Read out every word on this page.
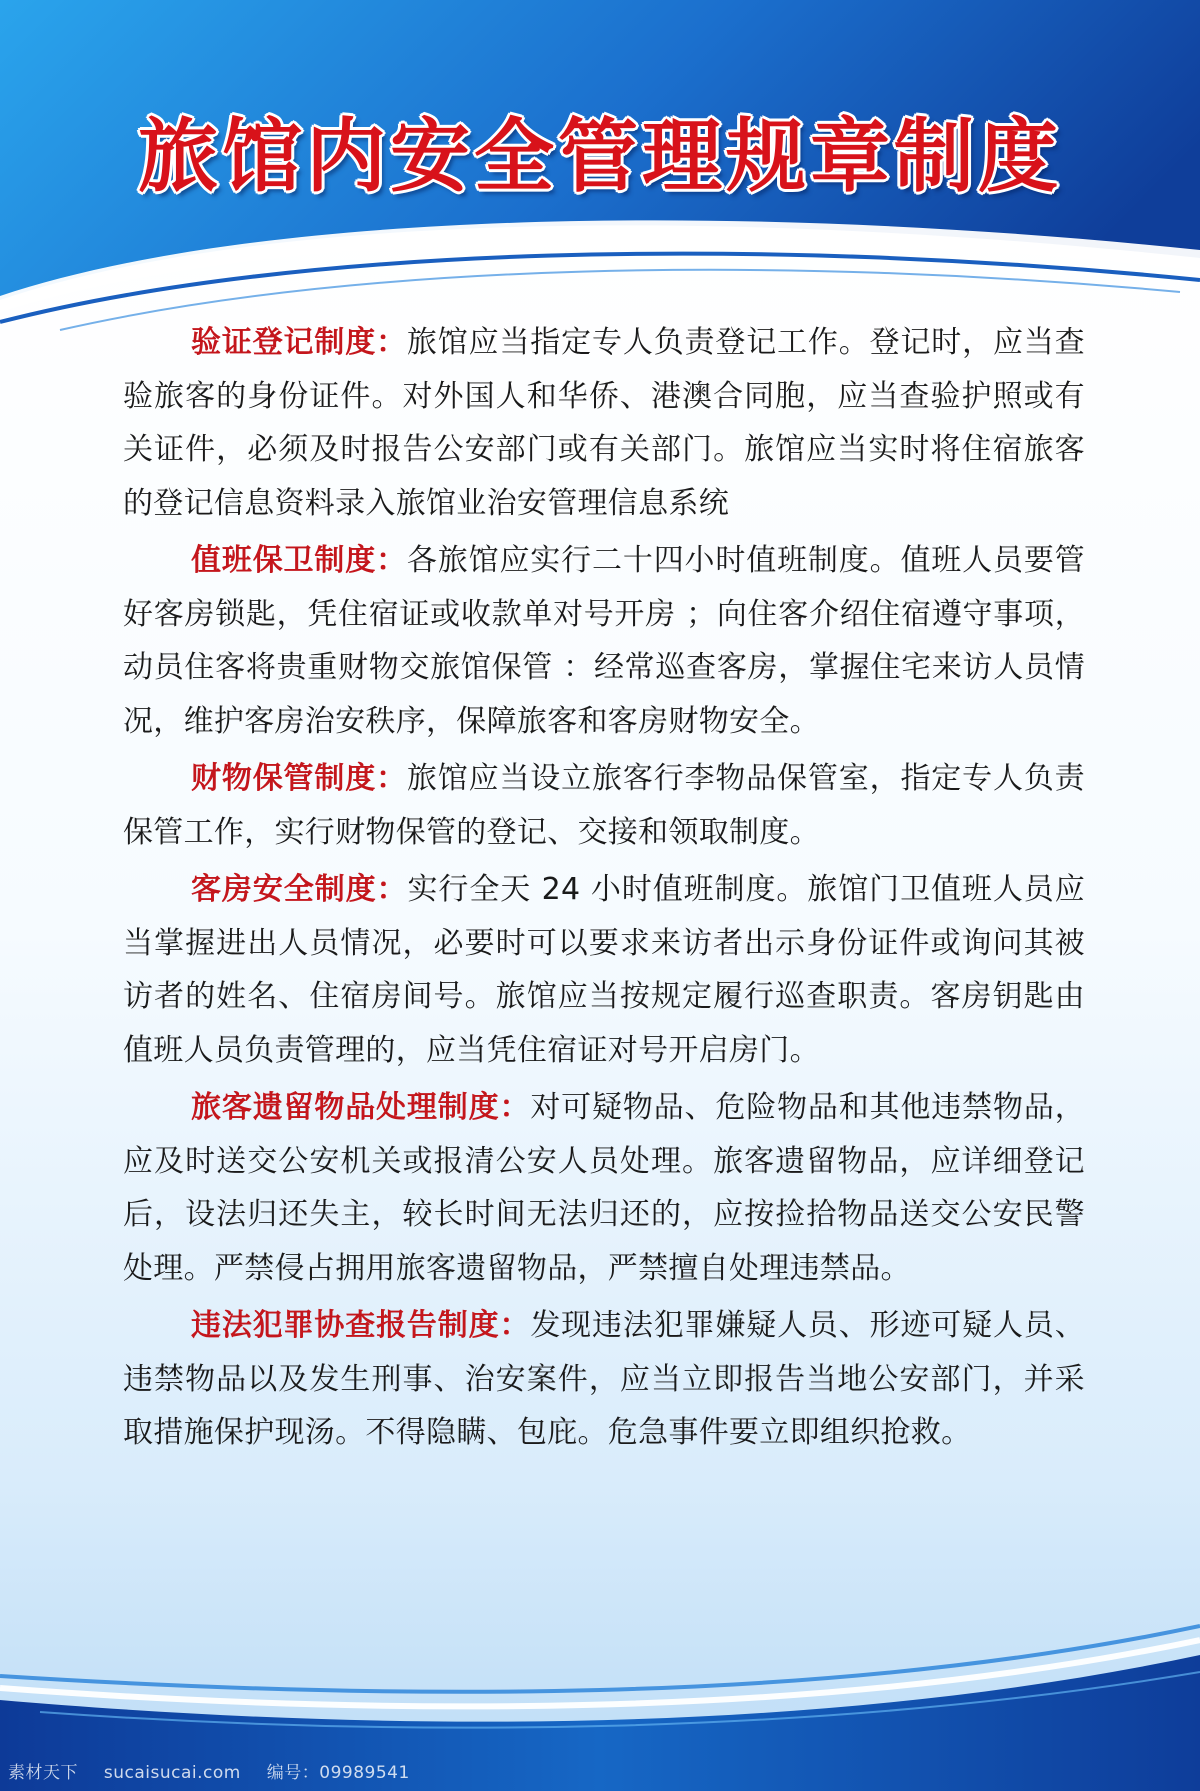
旅馆内安全管理规章制度

验证登记制度：旅馆应当指定专人负责登记工作。登记时，应当查验旅客的身份证件。对外国人和华侨、港澳合同胞，应当查验护照或有关证件，必须及时报告公安部门或有关部门。旅馆应当实时将住宿旅客的登记信息资料录入旅馆业治安管理信息系统

值班保卫制度：各旅馆应实行二十四小时值班制度。值班人员要管好客房锁匙，凭住宿证或收款单对号开房 ；向住客介绍住宿遵守事项，动员住客将贵重财物交旅馆保管 ：经常巡查客房，掌握住宅来访人员情况，维护客房治安秩序，保障旅客和客房财物安全。

财物保管制度：旅馆应当设立旅客行李物品保管室，指定专人负责保管工作，实行财物保管的登记、交接和领取制度。

客房安全制度：实行全天 24 小时值班制度。旅馆门卫值班人员应当掌握进出人员情况，必要时可以要求来访者出示身份证件或询问其被访者的姓名、住宿房间号。旅馆应当按规定履行巡查职责。客房钥匙由值班人员负责管理的，应当凭住宿证对号开启房门。

旅客遗留物品处理制度：对可疑物品、危险物品和其他违禁物品，应及时送交公安机关或报清公安人员处理。旅客遗留物品，应详细登记后，设法归还失主，较长时间无法归还的，应按捡拾物品送交公安民警处理。严禁侵占拥用旅客遗留物品，严禁擅自处理违禁品。

违法犯罪协查报告制度：发现违法犯罪嫌疑人员、形迹可疑人员、违禁物品以及发生刑事、治安案件，应当立即报告当地公安部门，并采取措施保护现汤。不得隐瞒、包庇。危急事件要立即组织抢救。

素材天下 sucaisucai.com 编号：09989541
